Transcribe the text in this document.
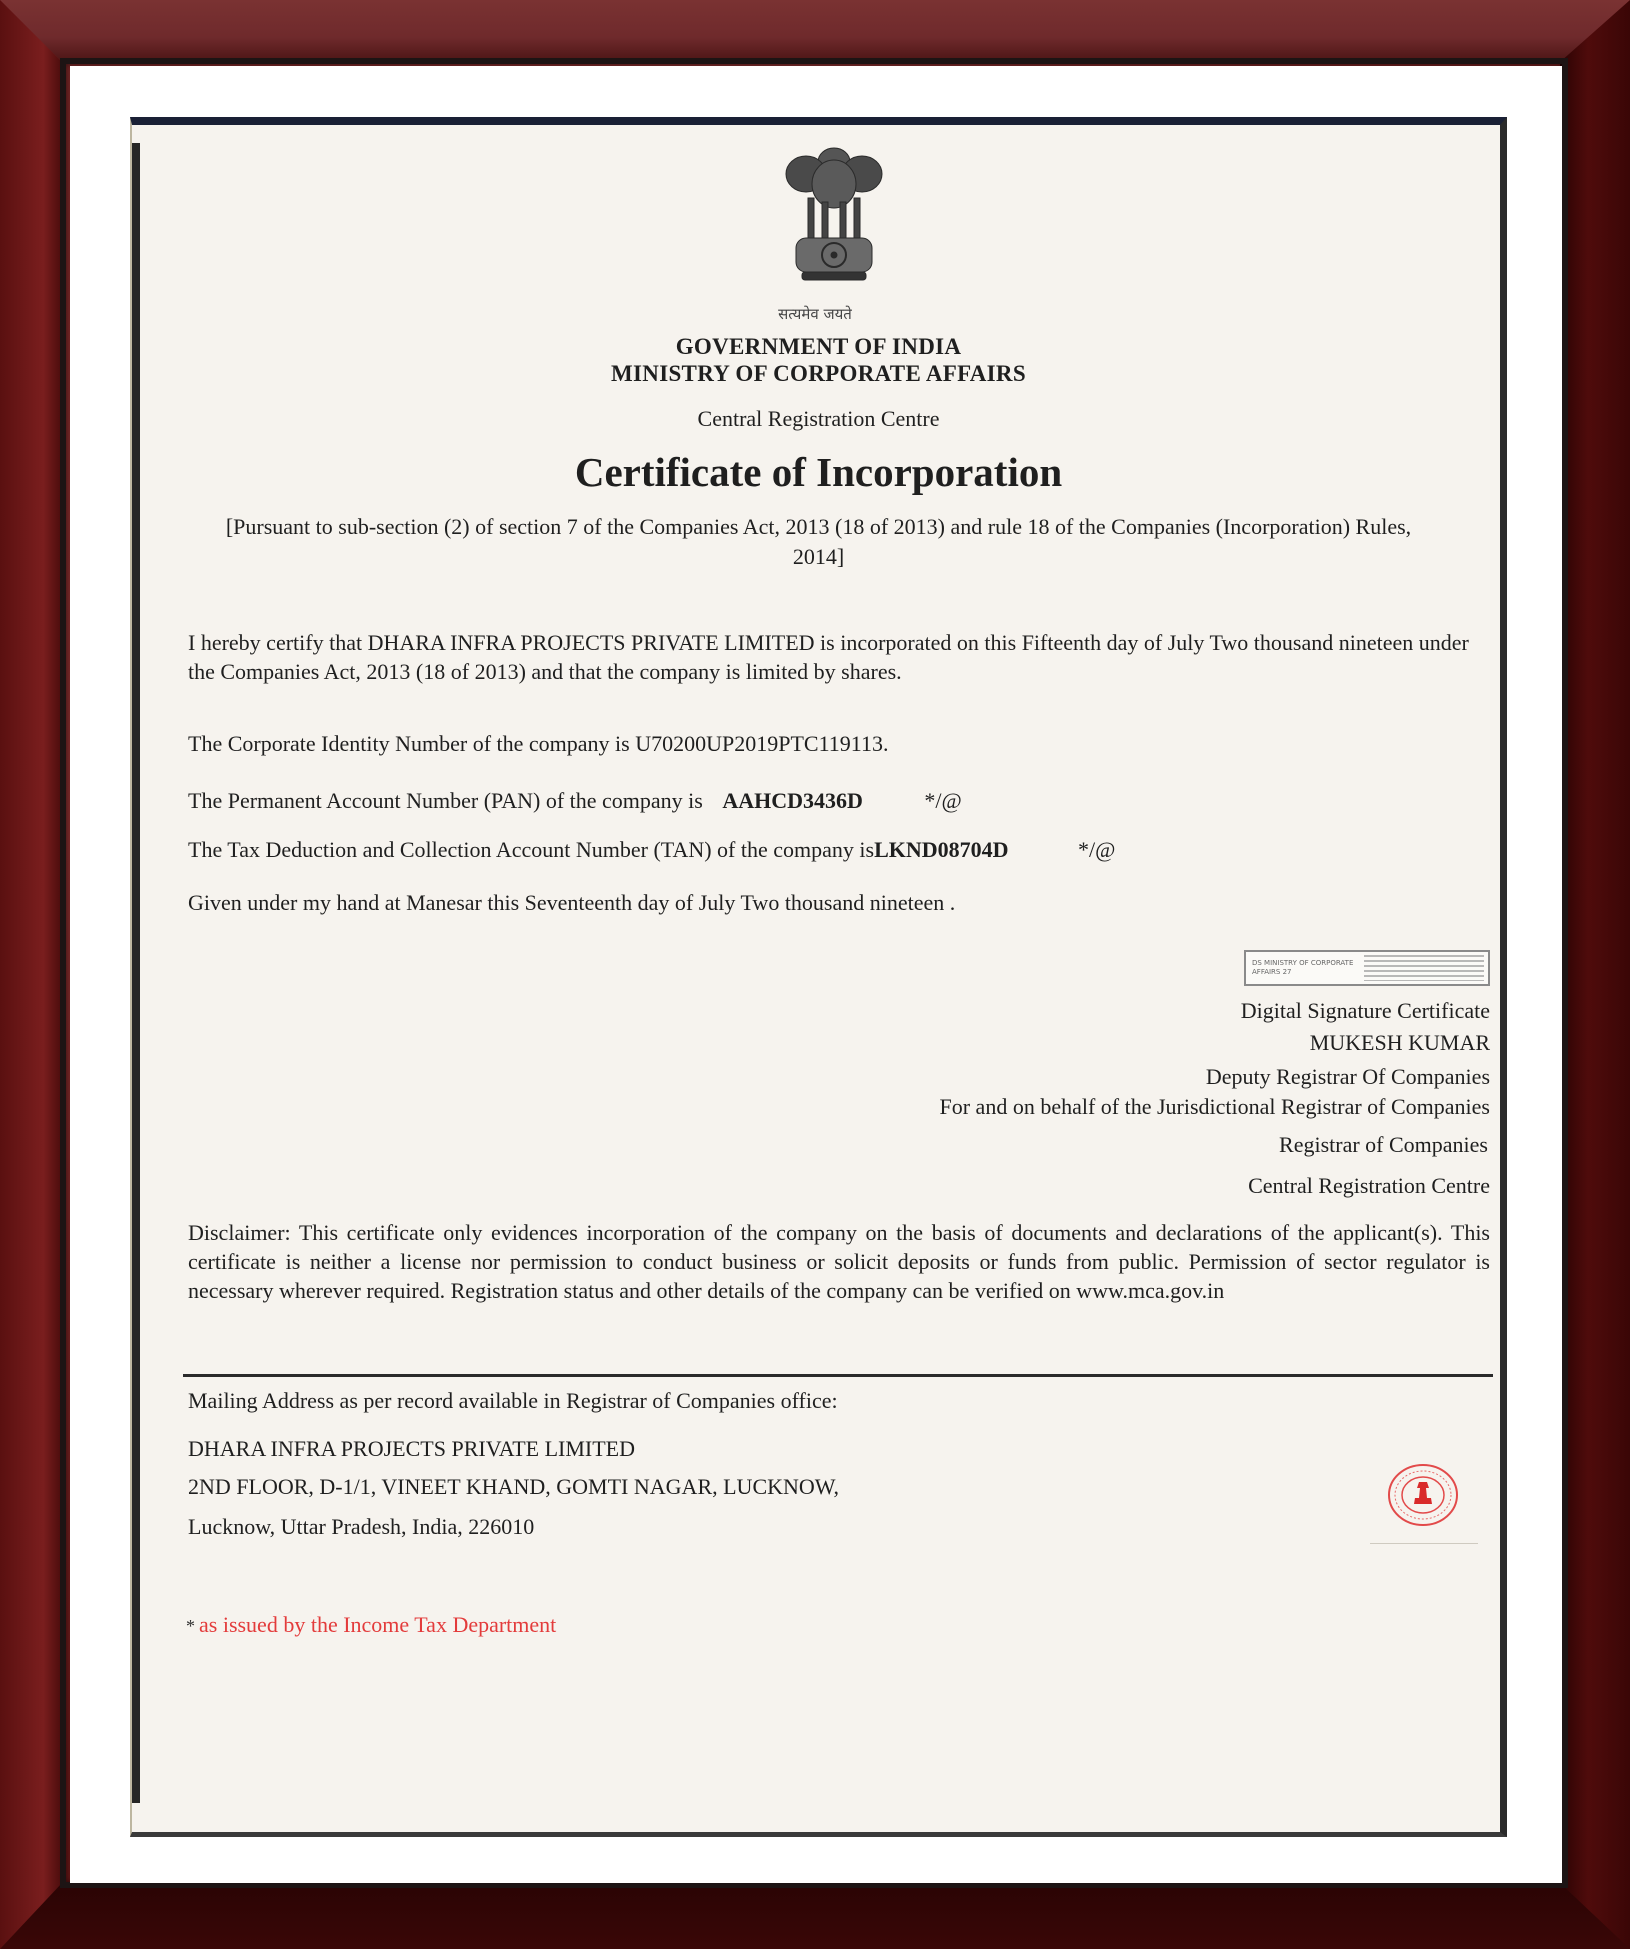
सत्यमेव जयते
GOVERNMENT OF INDIA
MINISTRY OF CORPORATE AFFAIRS
Central Registration Centre
Certificate of Incorporation
[Pursuant to sub-section (2) of section 7 of the Companies Act, 2013 (18 of 2013) and rule 18 of the Companies (Incorporation) Rules, 2014]
I hereby certify that DHARA INFRA PROJECTS PRIVATE LIMITED is incorporated on this Fifteenth day of July Two thousand nineteen under the Companies Act, 2013 (18 of 2013) and that the company is limited by shares.
The Corporate Identity Number of the company is U70200UP2019PTC119113.
The Permanent Account Number (PAN) of the company is AAHCD3436D	*/@
The Tax Deduction and Collection Account Number (TAN) of the company isLKND08704D	*/@
Given under my hand at Manesar this Seventeenth day of July Two thousand nineteen .
DS MINISTRY OF CORPORATE AFFAIRS 27
Digital Signature Certificate
MUKESH KUMAR
Deputy Registrar Of Companies
For and on behalf of the Jurisdictional Registrar of Companies
Registrar of Companies
Central Registration Centre
Disclaimer: This certificate only evidences incorporation of the company on the basis of documents and declarations of the applicant(s). This certificate is neither a license nor permission to conduct business or solicit deposits or funds from public. Permission of sector regulator is necessary wherever required. Registration status and other details of the company can be verified on www.mca.gov.in
Mailing Address as per record available in Registrar of Companies office:
DHARA INFRA PROJECTS PRIVATE LIMITED
2ND FLOOR, D-1/1, VINEET KHAND, GOMTI NAGAR, LUCKNOW,
Lucknow, Uttar Pradesh, India, 226010
* as issued by the Income Tax Department
